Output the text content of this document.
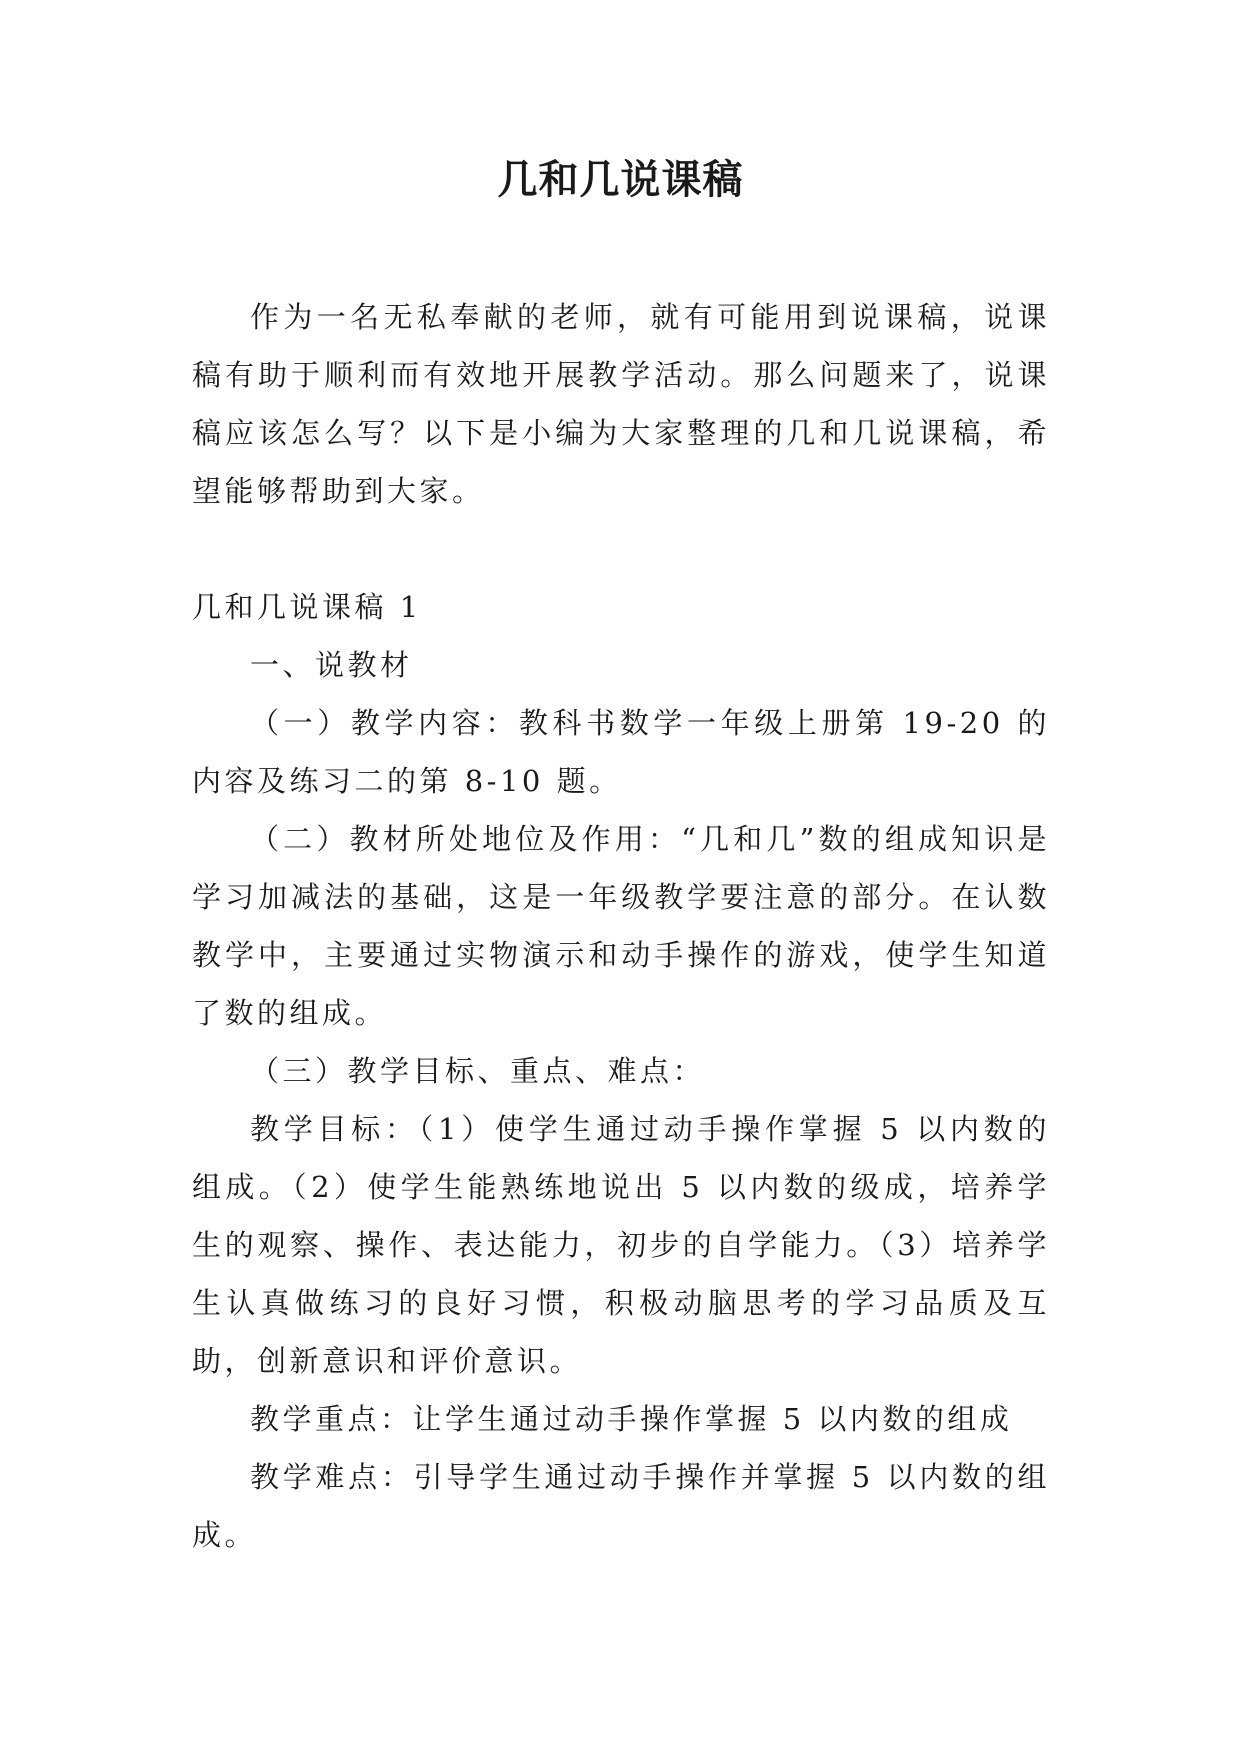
几和几说课稿

作为一名无私奉献的老师，就有可能用到说课稿，说课稿有助于顺利而有效地开展教学活动。那么问题来了，说课稿应该怎么写？以下是小编为大家整理的几和几说课稿，希望能够帮助到大家。

几和几说课稿 1

一、说教材

（一）教学内容：教科书数学一年级上册第 19-20 的内容及练习二的第 8-10 题。

（二）教材所处地位及作用：“几和几”数的组成知识是学习加减法的基础，这是一年级教学要注意的部分。在认数教学中，主要通过实物演示和动手操作的游戏，使学生知道了数的组成。

（三）教学目标、重点、难点：

教学目标：（1）使学生通过动手操作掌握 5 以内数的组成。（2）使学生能熟练地说出 5 以内数的级成，培养学生的观察、操作、表达能力，初步的自学能力。（3）培养学生认真做练习的良好习惯，积极动脑思考的学习品质及互助，创新意识和评价意识。

教学重点：让学生通过动手操作掌握 5 以内数的组成

教学难点：引导学生通过动手操作并掌握 5 以内数的组成。
